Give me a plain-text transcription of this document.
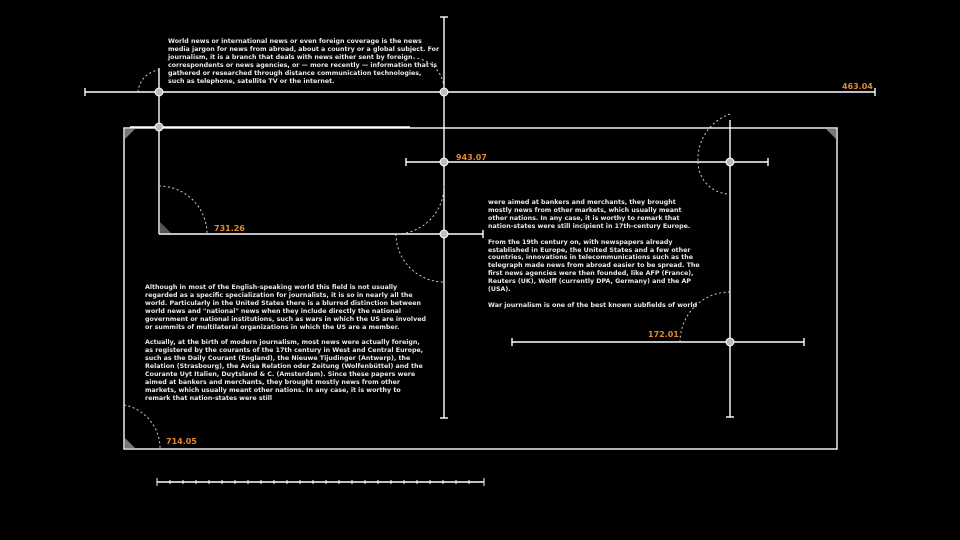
World news or international news or even foreign coverage is the news media jargon for news from abroad, about a country or a global subject. For journalism, it is a branch that deals with news either sent by foreign correspondents or news agencies, or — more recently — information that is gathered or researched through distance communication technologies, such as telephone, satellite TV or the internet.

Although in most of the English-speaking world this field is not usually regarded as a specific specialization for journalists, it is so in nearly all the world. Particularly in the United States there is a blurred distinction between world news and "national" news when they include directly the national government or national institutions, such as wars in which the US are involved or summits of multilateral organizations in which the US are a member.

Actually, at the birth of modern journalism, most news were actually foreign, as registered by the courants of the 17th century in West and Central Europe, such as the Daily Courant (England), the Nieuwe Tijudinger (Antwerp), the Relation (Strasbourg), the Avisa Relation oder Zeitung (Wolfenbüttel) and the Courante Uyt Italien, Duytsland & C. (Amsterdam). Since these papers were aimed at bankers and merchants, they brought mostly news from other markets, which usually meant other nations. In any case, it is worthy to remark that nation-states were still

were aimed at bankers and merchants, they brought mostly news from other markets, which usually meant other nations. In any case, it is worthy to remark that nation-states were still incipient in 17th-century Europe.

From the 19th century on, with newspapers already established in Europe, the United States and a few other countries, innovations in telecommunications such as the telegraph made news from abroad easier to be spread. The first news agencies were then founded, like AFP (France), Reuters (UK), Wolff (currently DPA, Germany) and the AP (USA).

War journalism is one of the best known subfields of world

463.04
943.07
731.26
172.01
714.05
